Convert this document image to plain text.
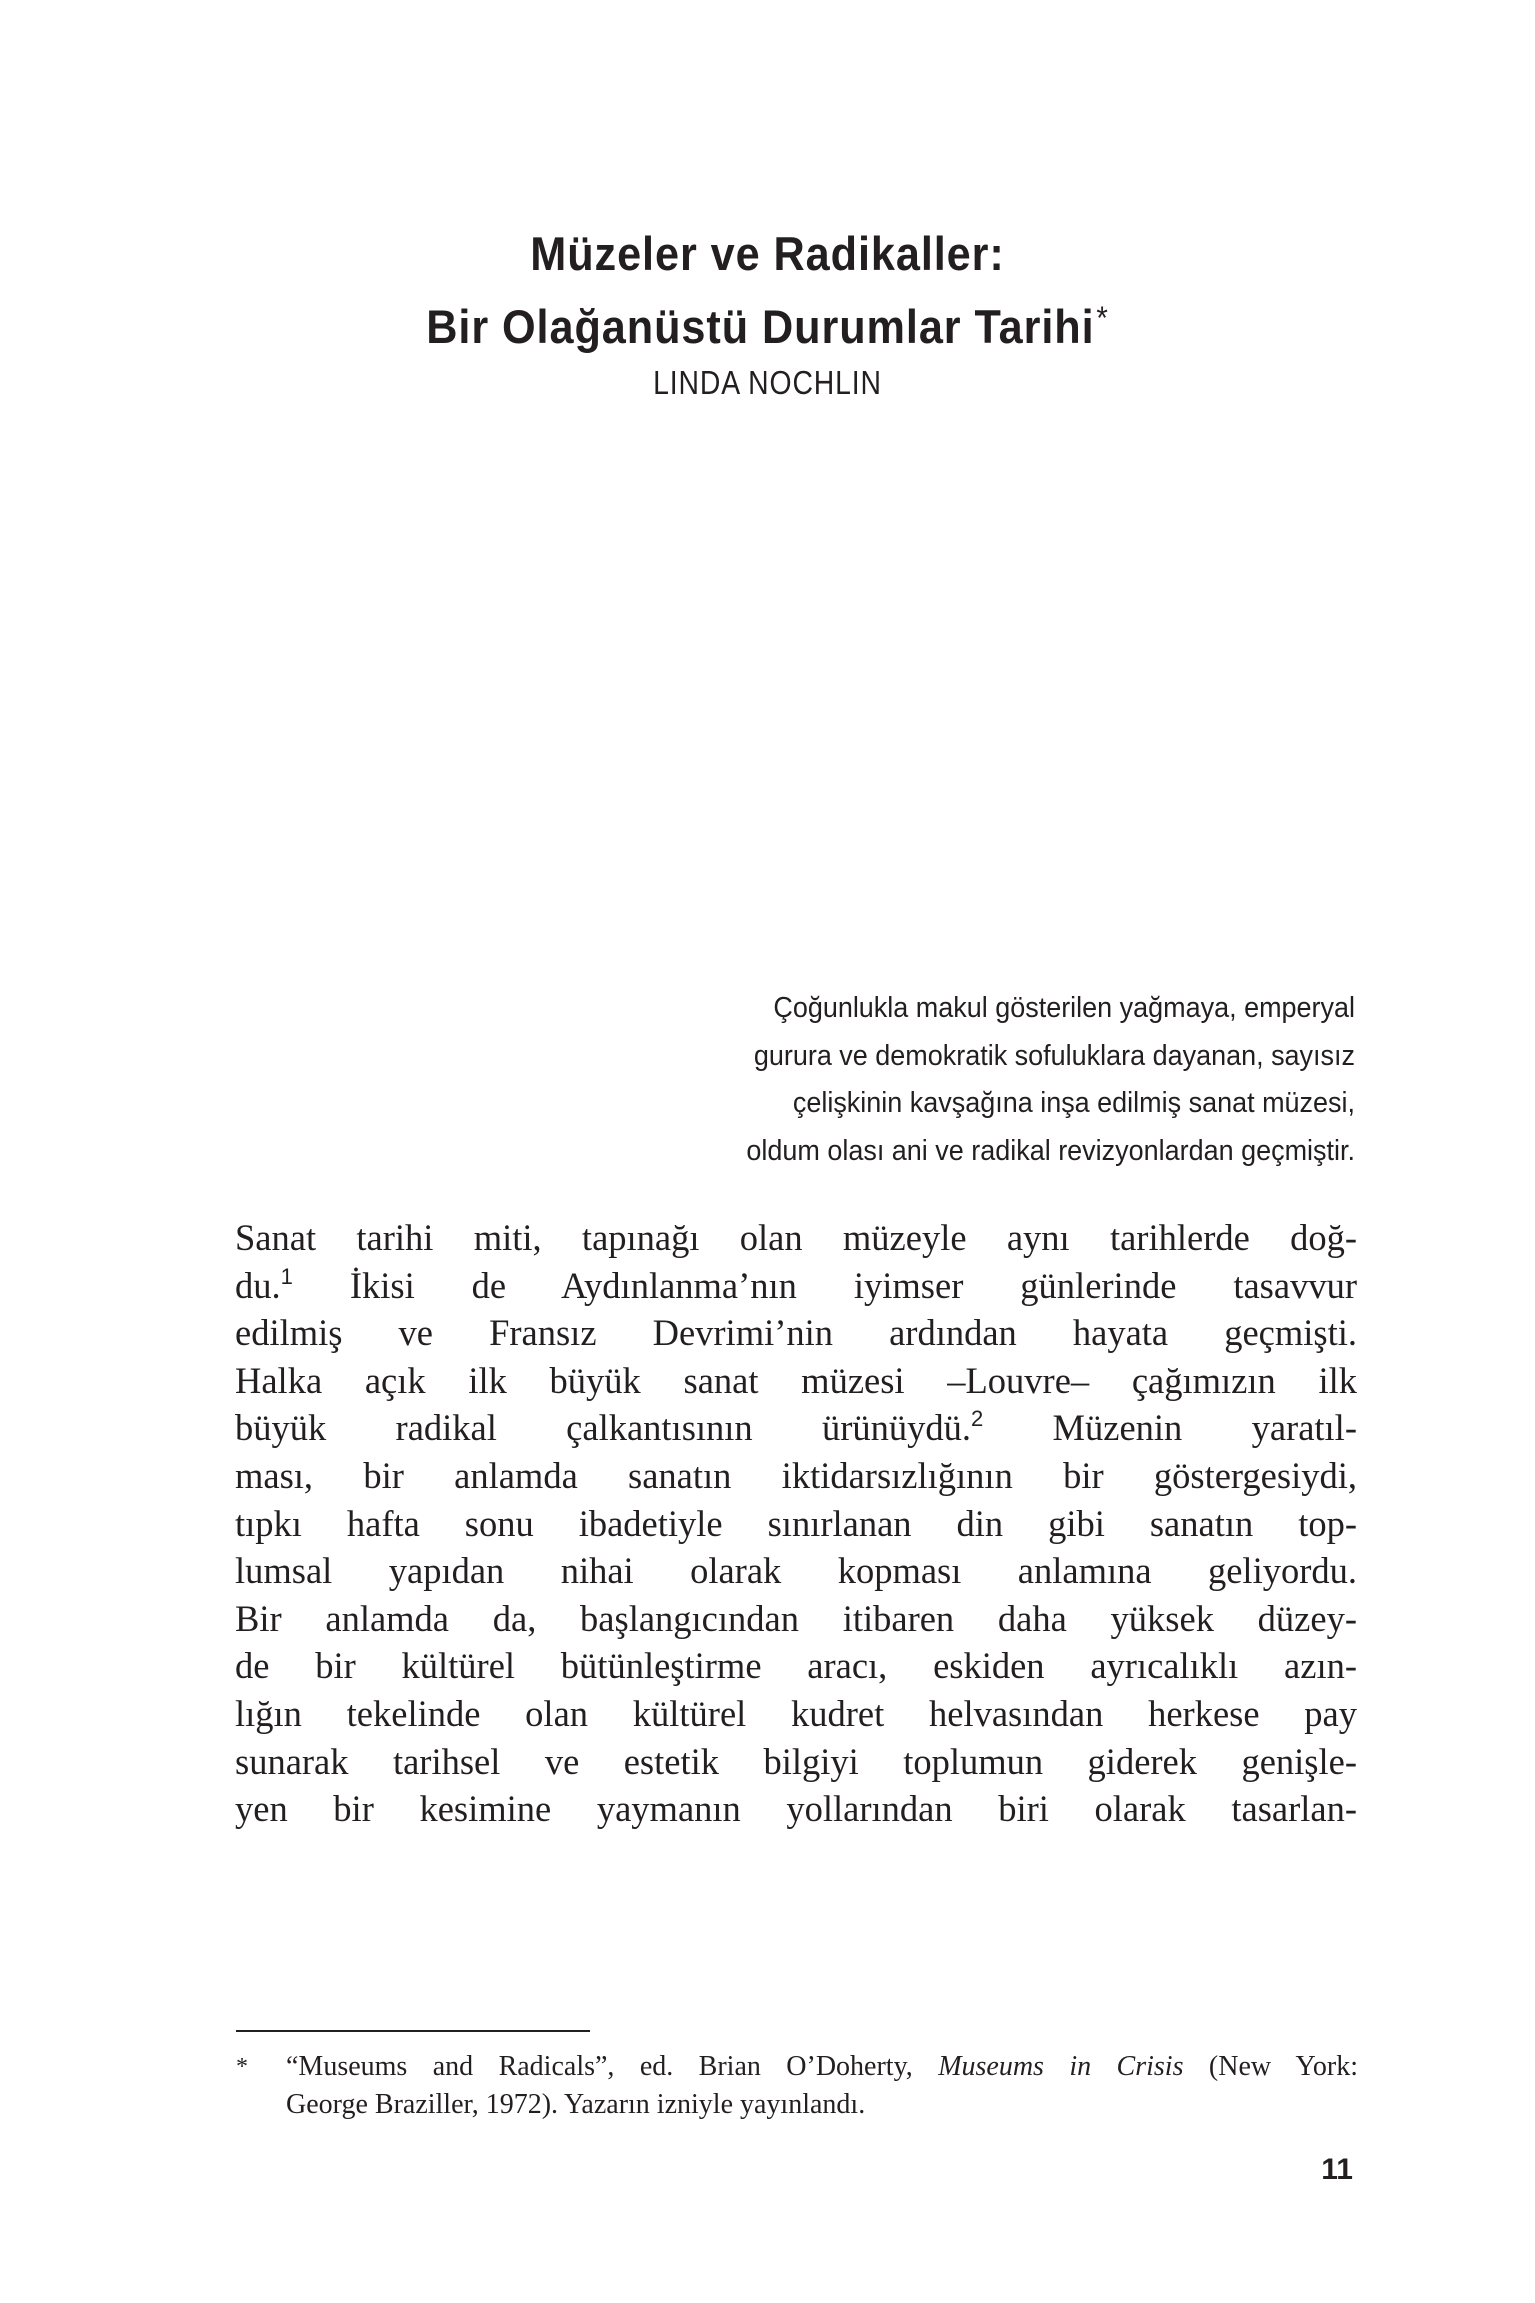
Müzeler ve Radikaller:
Bir Olağanüstü Durumlar Tarihi*
LINDA NOCHLIN
Çoğunlukla makul gösterilen yağmaya, emperyal
gurura ve demokratik sofuluklara dayanan, sayısız
çelişkinin kavşağına inşa edilmiş sanat müzesi,
oldum olası ani ve radikal revizyonlardan geçmiştir.
Sanat tarihi miti, tapınağı olan müzeyle aynı tarihlerde doğ-
du.$^1$ İkisi de Aydınlanma’nın iyimser günlerinde tasavvur
edilmiş ve Fransız Devrimi’nin ardından hayata geçmişti.
Halka açık ilk büyük sanat müzesi –Louvre– çağımızın ilk
büyük radikal çalkantısının ürünüydü.$^2$ Müzenin yaratıl-
ması, bir anlamda sanatın iktidarsızlığının bir göstergesiydi,
tıpkı hafta sonu ibadetiyle sınırlanan din gibi sanatın top-
lumsal yapıdan nihai olarak kopması anlamına geliyordu.
Bir anlamda da, başlangıcından itibaren daha yüksek düzey-
de bir kültürel bütünleştirme aracı, eskiden ayrıcalıklı azın-
lığın tekelinde olan kültürel kudret helvasından herkese pay
sunarak tarihsel ve estetik bilgiyi toplumun giderek genişle-
yen bir kesimine yaymanın yollarından biri olarak tasarlan-
*	“Museums and Radicals”, ed. Brian O’Doherty, Museums in Crisis (New York:
George Braziller, 1972). Yazarın izniyle yayınlandı.
11
